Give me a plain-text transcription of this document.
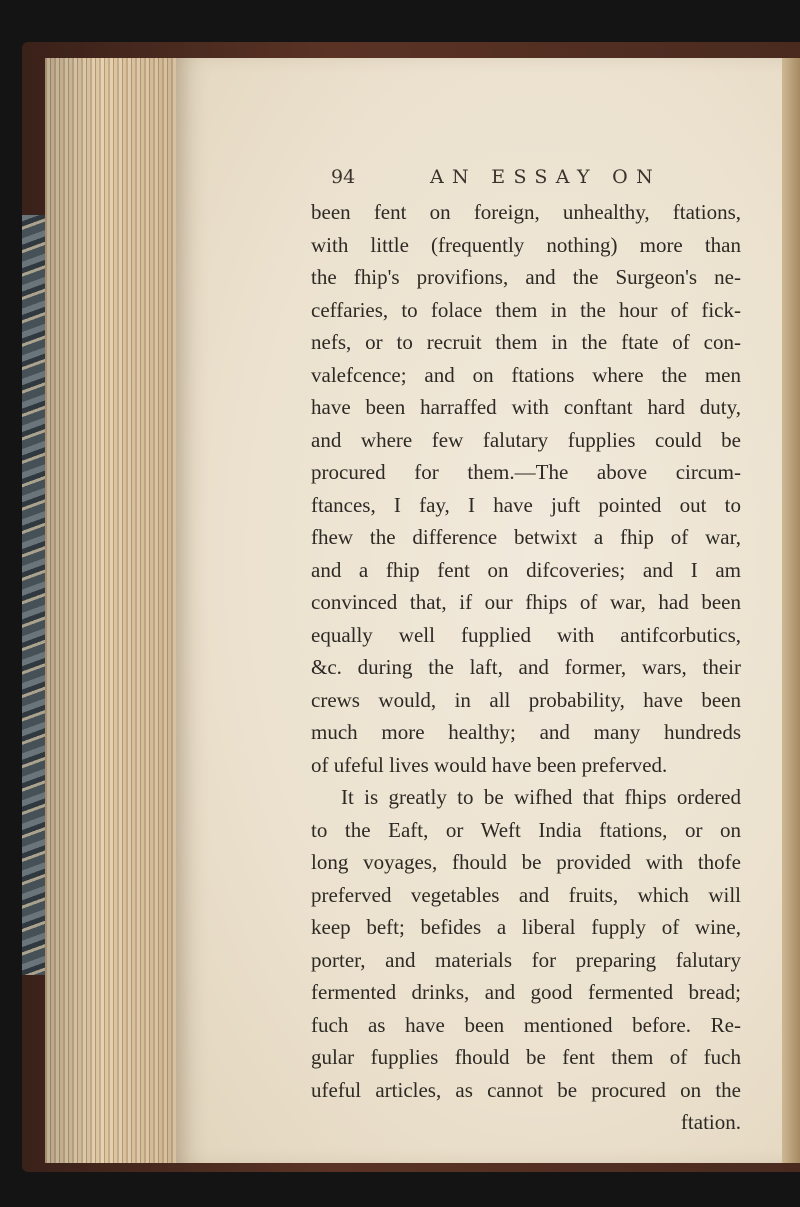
94	AN ESSAY ON
been fent on foreign, unhealthy, ftations,
with little (frequently nothing) more than
the fhip's provifions, and the Surgeon's ne-
ceffaries, to folace them in the hour of fick-
nefs, or to recruit them in the ftate of con-
valefcence; and on ftations where the men
have been harraffed with conftant hard duty,
and where few falutary fupplies could be
procured for them.—The above circum-
ftances, I fay, I have juft pointed out to
fhew the difference betwixt a fhip of war,
and a fhip fent on difcoveries; and I am
convinced that, if our fhips of war, had been
equally well fupplied with antifcorbutics,
&c. during the laft, and former, wars, their
crews would, in all probability, have been
much more healthy; and many hundreds
of ufeful lives would have been preferved.
It is greatly to be wifhed that fhips ordered
to the Eaft, or Weft India ftations, or on
long voyages, fhould be provided with thofe
preferved vegetables and fruits, which will
keep beft; befides a liberal fupply of wine,
porter, and materials for preparing falutary
fermented drinks, and good fermented bread;
fuch as have been mentioned before. Re-
gular fupplies fhould be fent them of fuch
ufeful articles, as cannot be procured on the
ftation.
